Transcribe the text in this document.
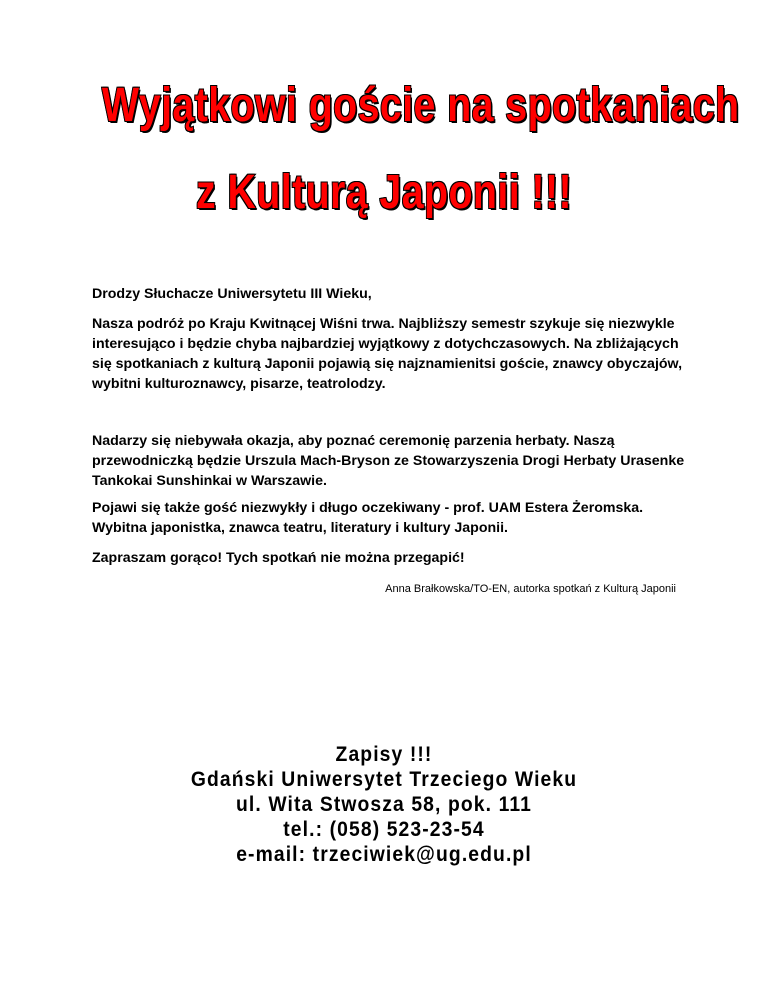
Wyjątkowi goście na spotkaniach
z Kulturą Japonii !!!

Drodzy Słuchacze Uniwersytetu III Wieku,

Nasza podróż po Kraju Kwitnącej Wiśni trwa. Najbliższy semestr szykuje się niezwykle interesująco i będzie chyba najbardziej wyjątkowy z dotychczasowych. Na zbliżających się spotkaniach z kulturą Japonii pojawią się najznamienitsi goście, znawcy obyczajów, wybitni kulturoznawcy, pisarze, teatrolodzy.

Nadarzy się niebywała okazja, aby poznać ceremonię parzenia herbaty. Naszą przewodniczką będzie Urszula Mach-Bryson ze Stowarzyszenia Drogi Herbaty Urasenke Tankokai Sunshinkai w Warszawie.

Pojawi się także gość niezwykły i długo oczekiwany - prof. UAM Estera Żeromska. Wybitna japonistka, znawca teatru, literatury i kultury Japonii.

Zapraszam gorąco! Tych spotkań nie można przegapić!

Anna Brałkowska/TO-EN, autorka spotkań z Kulturą Japonii
Zapisy !!!
Gdański Uniwersytet Trzeciego Wieku
ul. Wita Stwosza 58, pok. 111
tel.: (058) 523-23-54
e-mail: trzeciwiek@ug.edu.pl
